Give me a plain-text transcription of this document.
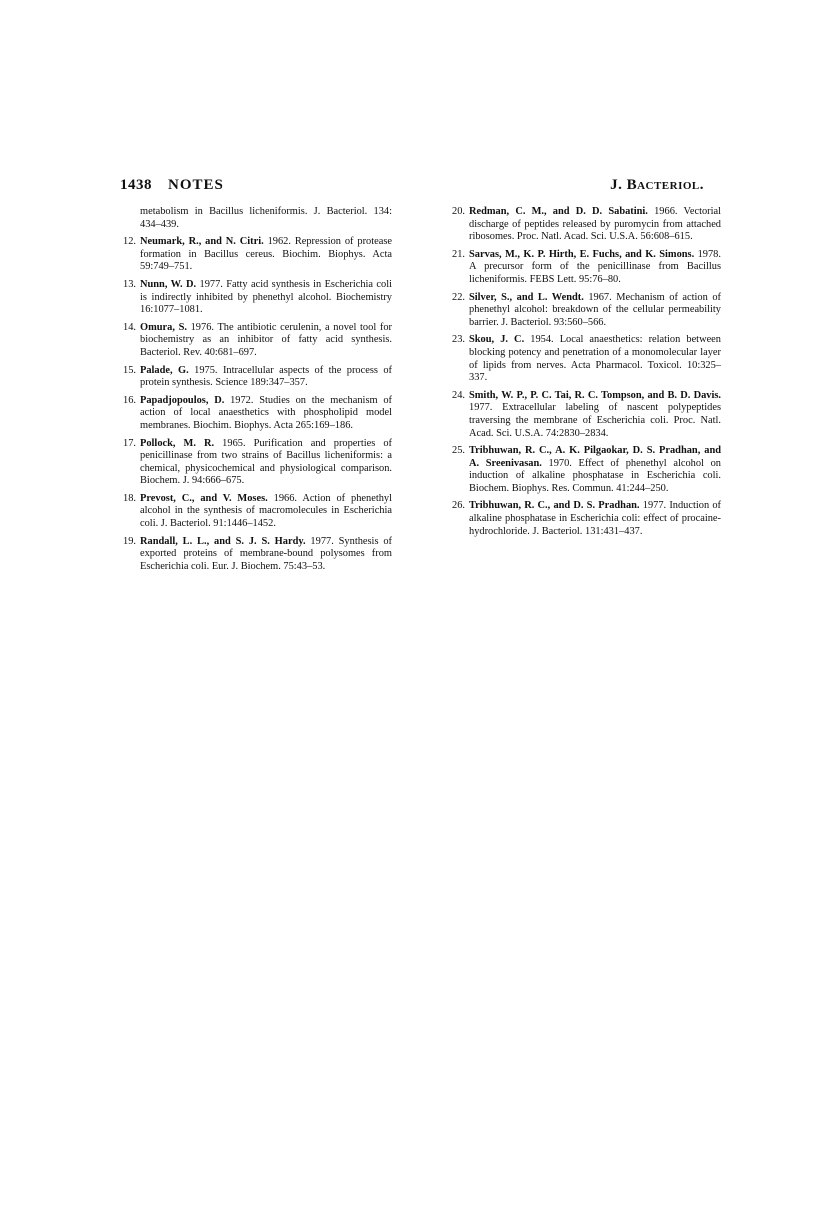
1438 NOTES	J. Bacteriol.
metabolism in Bacillus licheniformis. J. Bacteriol. 134: 434–439.
12. Neumark, R., and N. Citri. 1962. Repression of protease formation in Bacillus cereus. Biochim. Biophys. Acta 59:749–751.
13. Nunn, W. D. 1977. Fatty acid synthesis in Escherichia coli is indirectly inhibited by phenethyl alcohol. Biochemistry 16:1077–1081.
14. Omura, S. 1976. The antibiotic cerulenin, a novel tool for biochemistry as an inhibitor of fatty acid synthesis. Bacteriol. Rev. 40:681–697.
15. Palade, G. 1975. Intracellular aspects of the process of protein synthesis. Science 189:347–357.
16. Papadjopoulos, D. 1972. Studies on the mechanism of action of local anaesthetics with phospholipid model membranes. Biochim. Biophys. Acta 265:169–186.
17. Pollock, M. R. 1965. Purification and properties of penicillinase from two strains of Bacillus licheniformis: a chemical, physicochemical and physiological comparison. Biochem. J. 94:666–675.
18. Prevost, C., and V. Moses. 1966. Action of phenethyl alcohol in the synthesis of macromolecules in Escherichia coli. J. Bacteriol. 91:1446–1452.
19. Randall, L. L., and S. J. S. Hardy. 1977. Synthesis of exported proteins of membrane-bound polysomes from Escherichia coli. Eur. J. Biochem. 75:43–53.
20. Redman, C. M., and D. D. Sabatini. 1966. Vectorial discharge of peptides released by puromycin from attached ribosomes. Proc. Natl. Acad. Sci. U.S.A. 56:608–615.
21. Sarvas, M., K. P. Hirth, E. Fuchs, and K. Simons. 1978. A precursor form of the penicillinase from Bacillus licheniformis. FEBS Lett. 95:76–80.
22. Silver, S., and L. Wendt. 1967. Mechanism of action of phenethyl alcohol: breakdown of the cellular permeability barrier. J. Bacteriol. 93:560–566.
23. Skou, J. C. 1954. Local anaesthetics: relation between blocking potency and penetration of a monomolecular layer of lipids from nerves. Acta Pharmacol. Toxicol. 10:325–337.
24. Smith, W. P., P. C. Tai, R. C. Tompson, and B. D. Davis. 1977. Extracellular labeling of nascent polypeptides traversing the membrane of Escherichia coli. Proc. Natl. Acad. Sci. U.S.A. 74:2830–2834.
25. Tribhuwan, R. C., A. K. Pilgaokar, D. S. Pradhan, and A. Sreenivasan. 1970. Effect of phenethyl alcohol on induction of alkaline phosphatase in Escherichia coli. Biochem. Biophys. Res. Commun. 41:244–250.
26. Tribhuwan, R. C., and D. S. Pradhan. 1977. Induction of alkaline phosphatase in Escherichia coli: effect of procaine-hydrochloride. J. Bacteriol. 131:431–437.
